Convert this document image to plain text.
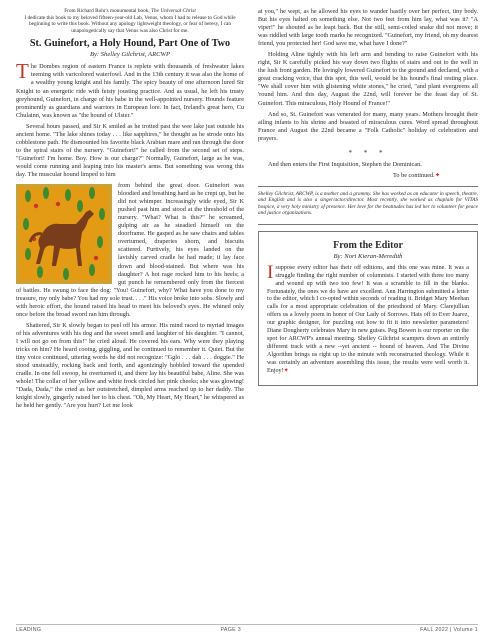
From Richard Rohr's monumental book, The Universal Christ
I dedicate this book to my beloved fifteen-year-old Lab, Venus, whom I had to release to God while beginning to write this book. Without any apology lightweight theology, or fear of heresy, I can unapologetically say that Venus was also Christ for me.
St. Guinefort, a Holy Hound, Part One of Two
By: Shelley Gilchrist, ARCWP

The Dombes region of eastern France is replete with thousands of freshwater lakes teeming with varicolored waterfowl. And in the 13th century it was also the home of a wealthy young knight and his family. The spicy beauty of one afternoon lured Sir Knight to an energetic ride with feisty jousting practice. And as usual, he left his trusty greyhound, Guinefort, in charge of his babe in the well-appointed nursery. Hounds feature prominently as guardians and warriors in European lore. In fact, Ireland's great hero, Cu Chulainn, was known as "the hound of Ulster."

Several hours passed, and Sir K smiled as he trotted past the wee lake just outside his ancient home. "The lake shines today . . . like sapphires," he thought as he strode onto his cobblestone path. He dismounted his favorite black Arabian mare and ran through the door to the spiral stairs of the nursery. "Guinefort!" he called from the second set of steps. "Guinefort! I'm home. Boy. How is our charge?" Normally, Guinefort, large as he was, would come running and leaping into his master's arms. But something was wrong this day. The muscular hound limped to him

from behind the great door. Guinefort was bloodied and breathing hard as he crept up, but he did not whimper. Increasingly wide eyed, Sir K pushed past him and stood at the threshold of the nursery. "What? What is this?" he screamed, gulping air as he steadied himself on the doorframe. He gasped as he saw chairs and tables overturned, draperies shorn, and biscuits scattered. Furtively, his eyes landed on the lavishly carved cradle he had made; it lay face down and blood-stained. But where was his daughter? A hot rage rocked him to his heels; a gut punch he remembered only from the fiercest of battles. He swung to face the dog: "You! Guinefort, why? What have you done to my treasure, my only babe? You had my sole trust. . . ." His voice broke into sobs. Slowly and with heroic effort, the hound raised his head to meet his beloved's eyes. He whined only once before the broad sword ran him through.

Shattered, Sir K slowly began to peel off his armor. His mind raced to myriad images of his adventures with his dog and the sweet smell and laughter of his daughter. "I cannot, I will not go on from this!" he cried aloud. He covered his ears. Why were they playing tricks on him? He heard cooing, giggling, and he continued to remember it. Quiet. But the tiny voice continued, uttering words he did not recognize: "Gglo . . . dah . . . doggie." He stood unsteadily, rocking back and forth, and agonizingly hobbled toward the upended cradle. In one fell swoop, he overturned it, and there lay his beautiful babe, Aline. She was whole! The collar of her yellow and white frock circled her pink cheeks; she was glowing! "Dada, Dada," the cried as her outstretched, dimpled arms reached up to her daddy. The knight slowly, gingerly raised her to his chest. "Oh, My Heart, My Heart," he whispered as he held her gently. "Are you hurt? Let me look

at you," he wept, as he allowed his eyes to wander hastily over her perfect, tiny body. But his eyes halted on something else. Not two feet from him lay, what was it? "A viper!" he shouted as he leapt back. But the still, semi-coiled snake did not move; it was riddled with large tooth marks he recognized. "Guinefort, my friend, oh my dearest friend, you protected her! God save me, what have I done?"

Holding Aline tightly with his left arm and bending to raise Guinefort with his right, Sir K carefully picked his way down two flights of stairs and out to the well in the lush front garden. He lovingly lowered Guinefort to the ground and declared, with a great cracking voice, that this spot, this well, would be his hound's final resting place. "We shall cover him with glistening white stones," he cried, "and plant evergreens all 'round him. And this day, August the 22nd, will forever be the feast day of St. Guinefort. This miraculous, Holy Hound of France!"

And so, St. Guinefort was venerated for many, many years. Mothers brought their ailing infants to his shrine and boasted of miraculous cures. Word spread throughout France and August the 22nd became a "Folk Catholic" holiday of celebration and prayers.

* * *

And then enters the First Inquisition, Stephen the Dominican.

To be continued.✦

Shelley Gilchrist, ARCWP, is a mother and a grammy. She has worked as an educator in speech, theatre, and English and is also a singer/actor/director. Most recently, she worked as chaplain for VITAS hospice, a very holy ministry of presence. Her love for the beatitudes has led her to volunteer for peace and justice organizations.

From the Editor
By: Nori Kieran-Meredith

Isuppose every editor has their off editions, and this one was mine. It was a struggle finding the right number of columnists. I started with three too many and wound up with two too few! It was a scramble to fill in the blanks. Fortunately, the ones we do have are excellent. Ann Harrington submitted a letter to the editor, which I co-opted within seconds of reading it. Bridget Mary Meehan calls for a most appropriate celebration of the priesthood of Mary. Clarejullian offers us a lovely poem in honor of Our Lady of Sorrows. Hats off to Ever Juarez, our graphic designer, for puzzling out how to fit it into newsletter parameters! Diane Dougherty celebrates Mary in new guises. Peg Bowen is our reporter on the spot for ARCWP's annual meeting. Shelley Gilchrist scampers down an entirely different track with a new --yet ancient -- hound of heaven. And The Divine Algorithm brings us right up to the minute with reconstructed theology. While it was certainly an adventure assembling this issue, the results were well worth it. Enjoy!✦

LEADING	PAGE 3	FALL 2022 | Volume 1
